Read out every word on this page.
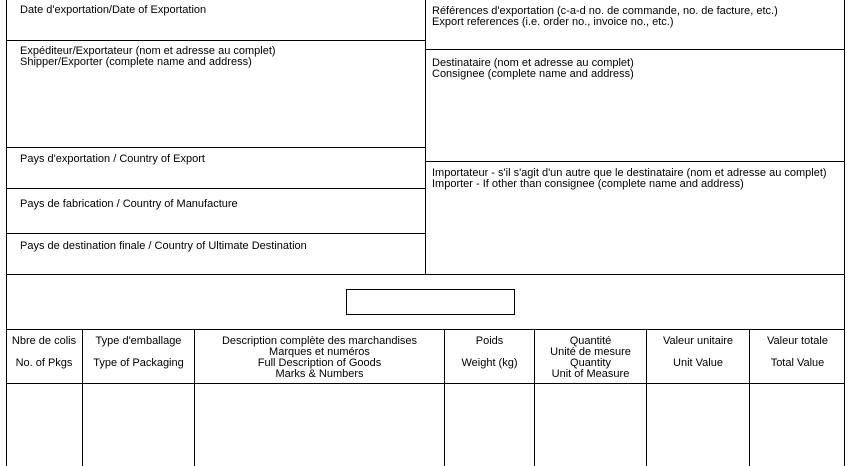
Date d'exportation/Date of Exportation
Expéditeur/Exportateur (nom et adresse au complet)
Shipper/Exporter (complete name and address)
Pays d'exportation / Country of Export
Pays de fabrication / Country of Manufacture
Pays de destination finale / Country of Ultimate Destination
Références d'exportation (c-a-d no. de commande, no. de facture, etc.)
Export references (i.e. order no., invoice no., etc.)
Destinataire (nom et adresse au complet)
Consignee (complete name and address)
Importateur - s'il s'agit d'un autre que le destinataire (nom et adresse au complet)
Importer - If other than consignee (complete name and address)
Nbre de colis
No. of Pkgs
Type d'emballage
Type of Packaging
Description complète des marchandises
Marques et numéros
Full Description of Goods
Marks & Numbers
Poids
Weight (kg)
Quantité
Unité de mesure
Quantity
Unit of Measure
Valeur unitaire
Unit Value
Valeur totale
Total Value
